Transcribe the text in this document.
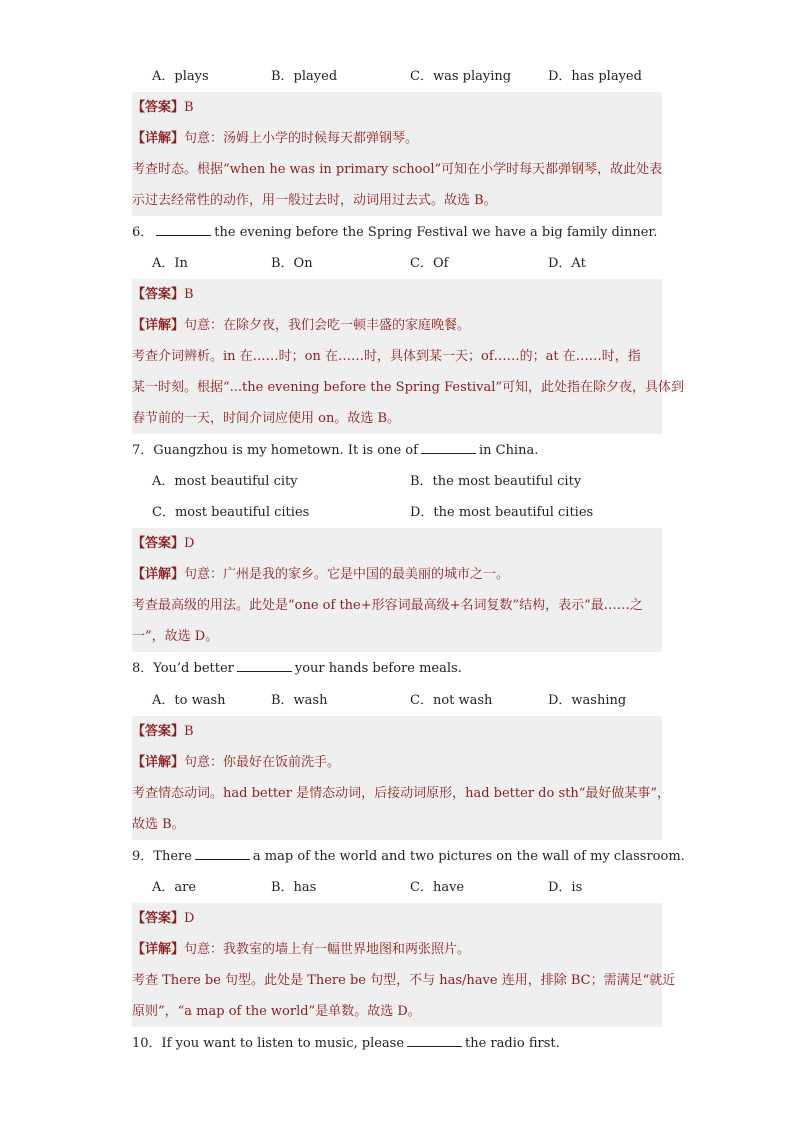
A．plays	B．played	C．was playing	D．has played
【答案】B
【详解】句意：汤姆上小学的时候每天都弹钢琴。
考查时态。根据“when he was in primary school”可知在小学时每天都弹钢琴，故此处表
示过去经常性的动作，用一般过去时，动词用过去式。故选 B。
6．	the evening before the Spring Festival we have a big family dinner.
A．In	B．On	C．Of	D．At
【答案】B
【详解】句意：在除夕夜，我们会吃一顿丰盛的家庭晚餐。
考查介词辨析。in 在……时；on 在……时，具体到某一天；of……的；at 在……时，指
某一时刻。根据“...the evening before the Spring Festival”可知，此处指在除夕夜，具体到
春节前的一天，时间介词应使用 on。故选 B。
7．Guangzhou is my hometown. It is one of	in China.
A．most beautiful city	B．the most beautiful city
C．most beautiful cities	D．the most beautiful cities
【答案】D
【详解】句意：广州是我的家乡。它是中国的最美丽的城市之一。
考查最高级的用法。此处是“one of the+形容词最高级+名词复数”结构，表示“最……之
一”，故选 D。
8．You’d better	your hands before meals.
A．to wash	B．wash	C．not wash	D．washing
【答案】B
【详解】句意：你最好在饭前洗手。
考查情态动词。had better 是情态动词，后接动词原形，had better do sth“最好做某事”，
故选 B。
9．There	a map of the world and two pictures on the wall of my classroom.
A．are	B．has	C．have	D．is
【答案】D
【详解】句意：我教室的墙上有一幅世界地图和两张照片。
考查 There be 句型。此处是 There be 句型，不与 has/have 连用，排除 BC；需满足“就近
原则”，“a map of the world”是单数。故选 D。
10．If you want to listen to music, please	the radio first.
